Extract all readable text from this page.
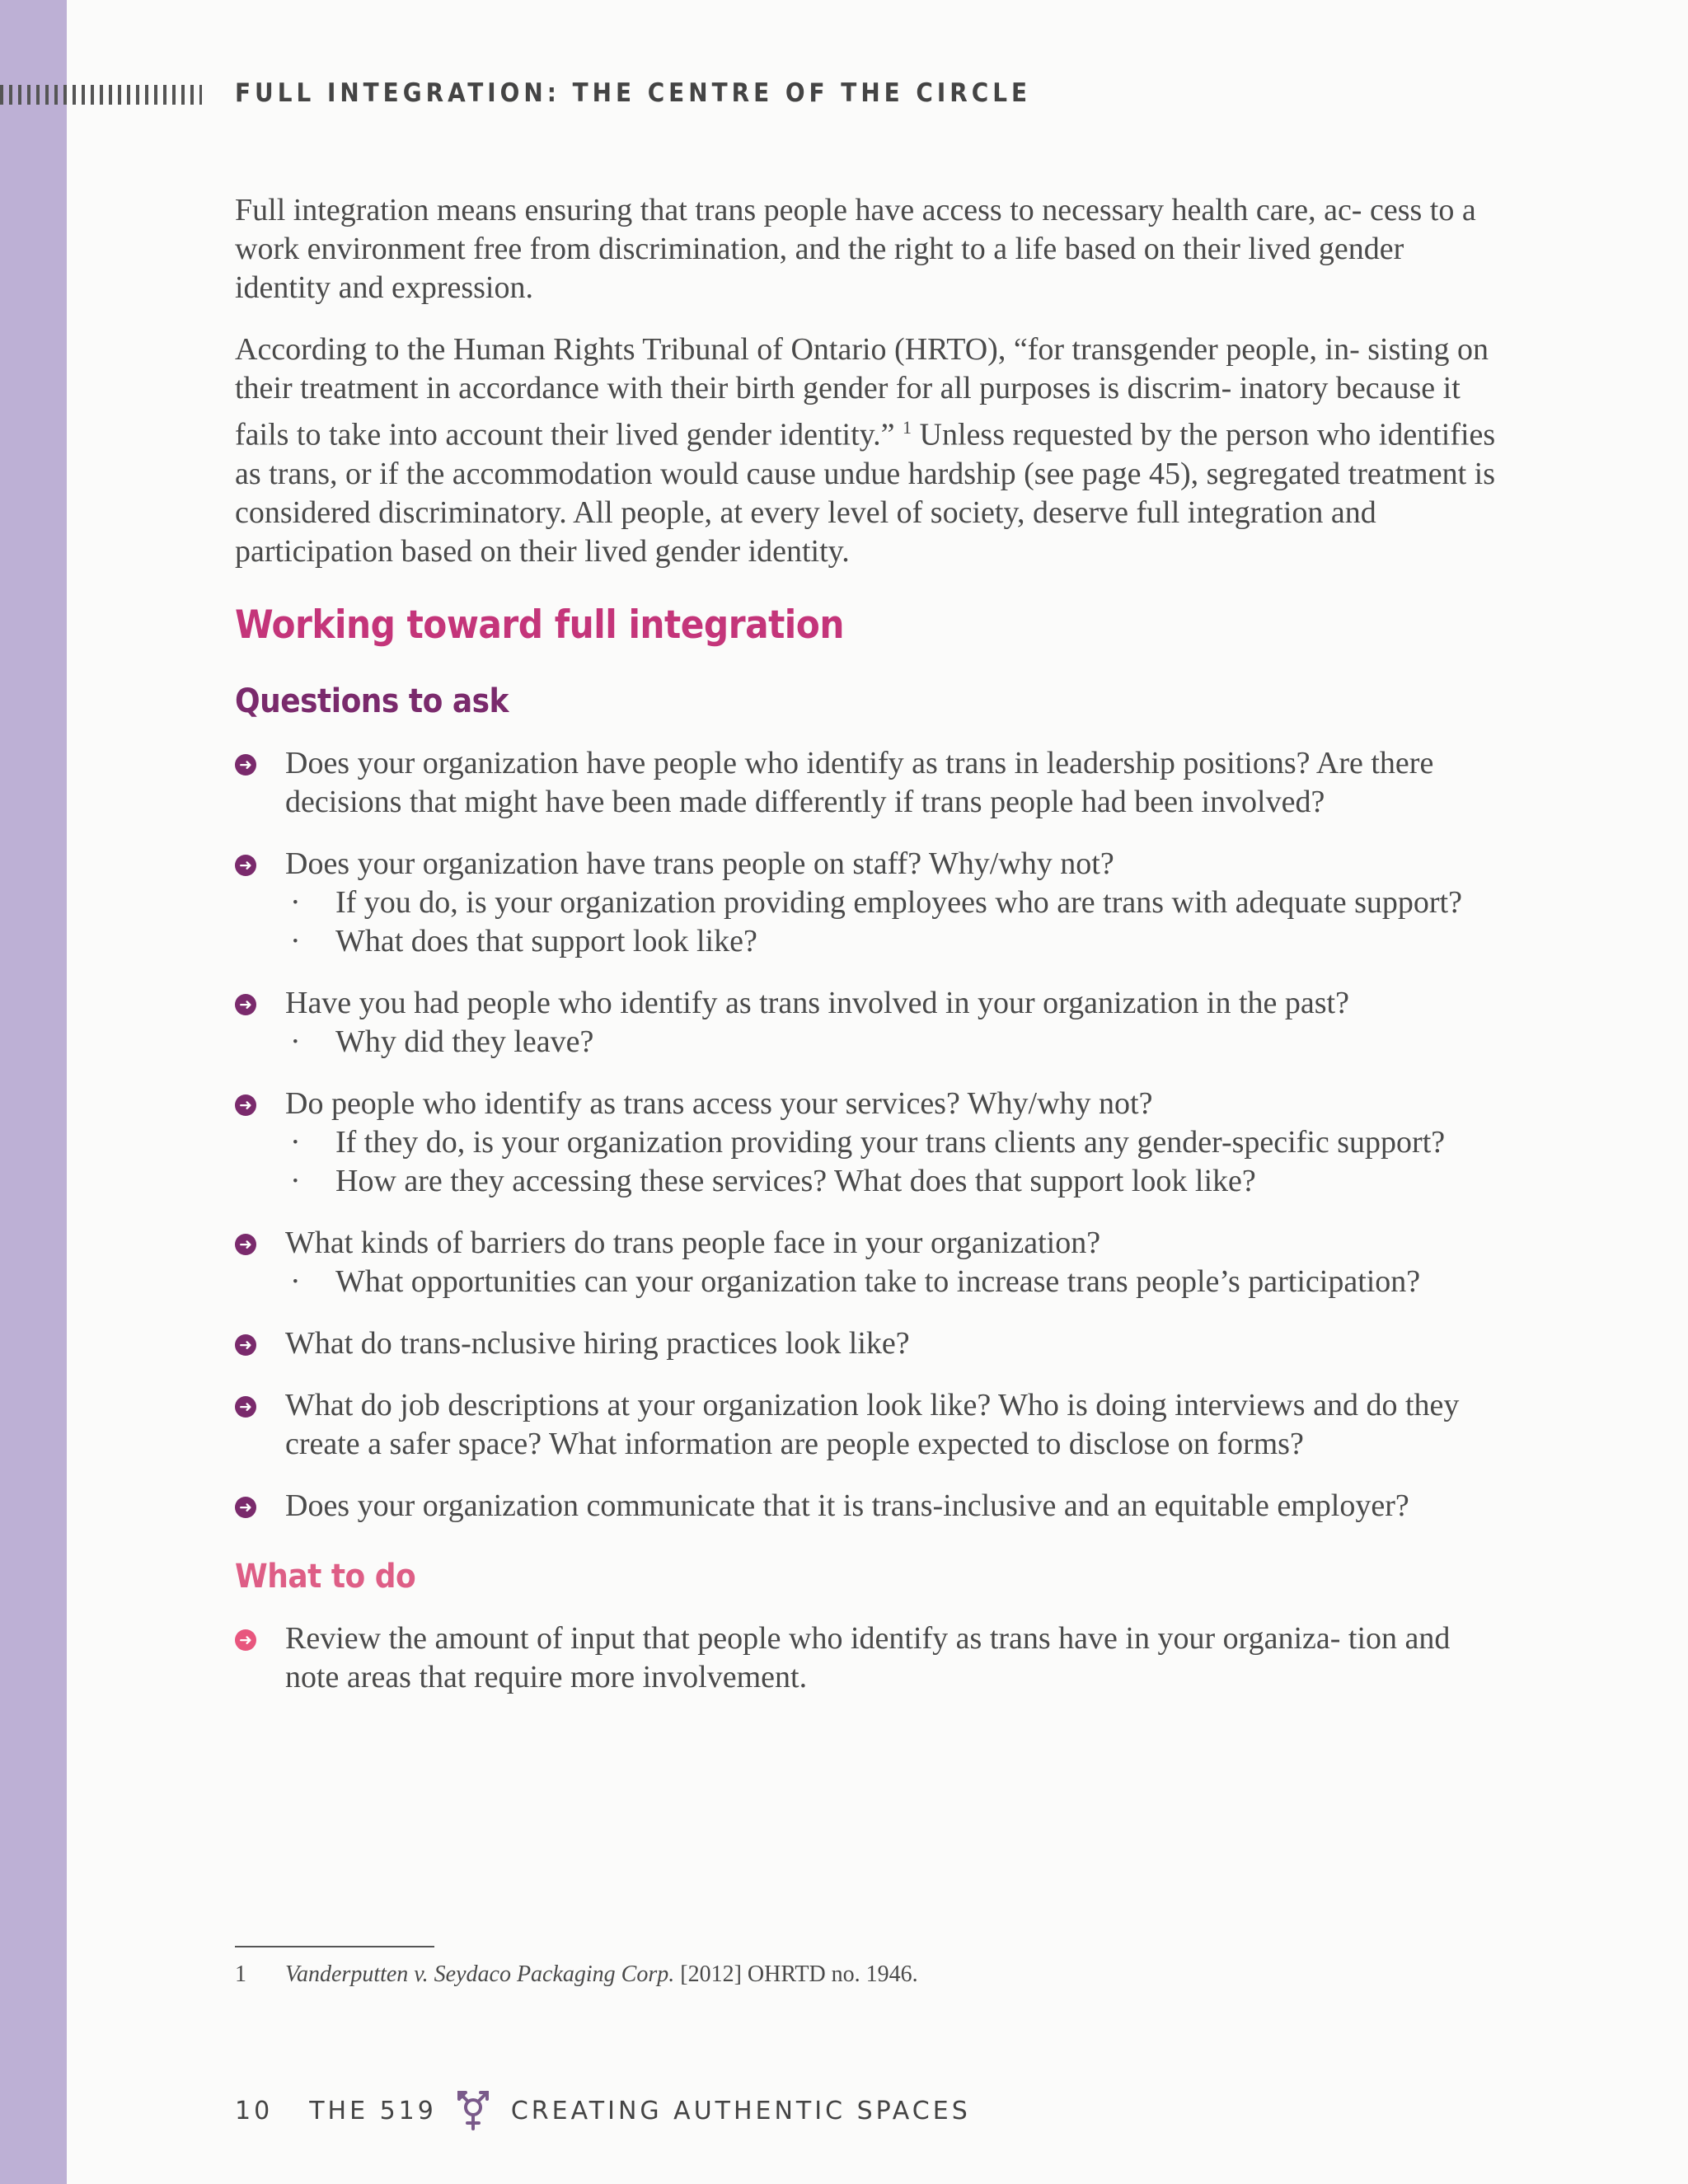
FULL INTEGRATION: THE CENTRE OF THE CIRCLE

Full integration means ensuring that trans people have access to necessary health care, ac- cess to a work environment free from discrimination, and the right to a life based on their lived gender identity and expression.

According to the Human Rights Tribunal of Ontario (HRTO), “for transgender people, in- sisting on their treatment in accordance with their birth gender for all purposes is discrim- inatory because it fails to take into account their lived gender identity.” $^1$ Unless requested by the person who identifies as trans, or if the accommodation would cause undue hardship (see page 45), segregated treatment is considered discriminatory. All people, at every level of society, deserve full integration and participation based on their lived gender identity.

Working toward full integration
Questions to ask
➜ Does your organization have people who identify as trans in leadership positions? Are there decisions that might have been made differently if trans people had been involved?
➜ Does your organization have trans people on staff? Why/why not?
· If you do, is your organization providing employees who are trans with adequate support?
· What does that support look like?
➜ Have you had people who identify as trans involved in your organization in the past?
· Why did they leave?
➜ Do people who identify as trans access your services? Why/why not?
· If they do, is your organization providing your trans clients any gender-specific support?
· How are they accessing these services? What does that support look like?
➜ What kinds of barriers do trans people face in your organization?
· What opportunities can your organization take to increase trans people’s participation?
➜ What do trans-nclusive hiring practices look like?
➜ What do job descriptions at your organization look like? Who is doing interviews and do they create a safer space? What information are people expected to disclose on forms?
➜ Does your organization communicate that it is trans-inclusive and an equitable employer?
What to do
➜ Review the amount of input that people who identify as trans have in your organiza- tion and note areas that require more involvement.
1 Vanderputten v. Seydaco Packaging Corp. [2012] OHRTD no. 1946.
10 THE 519	CREATING AUTHENTIC SPACES
